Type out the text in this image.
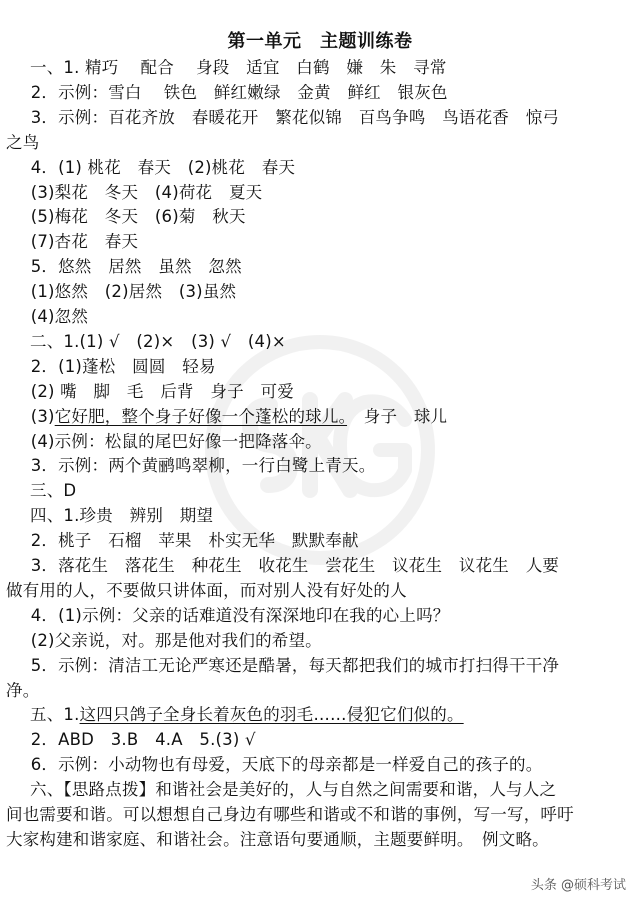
第一单元　主题训练卷
一、1. 精巧　 配合　 身段　适宜　白鹤　嫌　朱　寻常
　2．示例：雪白　 铁色　鲜红嫩绿　金黄　鲜红　银灰色
　3．示例：百花齐放　春暖花开　繁花似锦　百鸟争鸣　鸟语花香　惊弓
之鸟
　4．(1) 桃花　春天　(2)桃花　春天
　(3)梨花　冬天　(4)荷花　夏天
　(5)梅花　冬天　(6)菊　秋天
　(7)杏花　春天
　5．悠然　居然　虽然　忽然
　(1)悠然　(2)居然　(3)虽然
　(4)忽然
二、1.(1) √　(2)×　(3) √　(4)×
　2．(1)蓬松　圆圆　轻易
　(2) 嘴　脚　毛　后背　身子　可爱
　(3)它好肥，整个身子好像一个蓬松的球儿。　身子　球儿
　(4)示例：松鼠的尾巴好像一把降落伞。
　3．示例：两个黄鹂鸣翠柳，一行白鹭上青天。
三、D
四、1.珍贵　辨别　期望
　2．桃子　石榴　苹果　朴实无华　默默奉献
　3．落花生　落花生　种花生　收花生　尝花生　议花生　议花生　人要
做有用的人，不要做只讲体面，而对别人没有好处的人
　4．(1)示例：父亲的话难道没有深深地印在我的心上吗？
　(2)父亲说，对。那是他对我们的希望。
　5．示例：清洁工无论严寒还是酷暑，每天都把我们的城市打扫得干干净
净。
五、1.这四只鸽子全身长着灰色的羽毛……侵犯它们似的。
　2．ABD　3.B　4.A　5.(3) √
　6．示例：小动物也有母爱，天底下的母亲都是一样爱自己的孩子的。
六、【思路点拨】和谐社会是美好的，人与自然之间需要和谐，人与人之
间也需要和谐。可以想想自己身边有哪些和谐或不和谐的事例，写一写，呼吁
大家构建和谐家庭、和谐社会。注意语句要通顺，主题要鲜明。　例文略。
头条 @硕科考试
